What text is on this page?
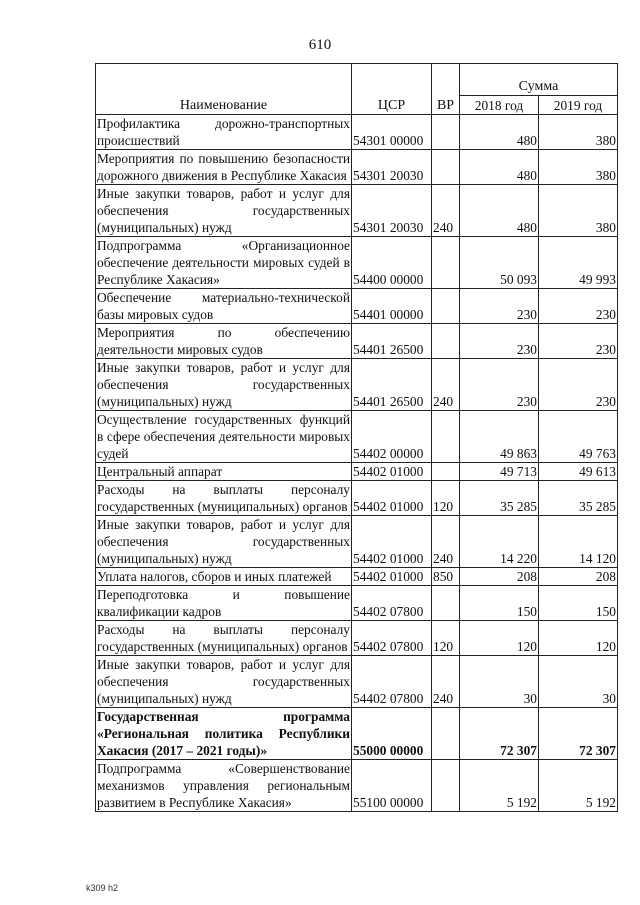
610
Наименование	ЦСР	ВР	Сумма	
			2018 год	2019 год
Профилактика дорожно-транспортных происшествий	54301 00000		480	380
Мероприятия по повышению безопасности дорожного движения в Республике Хакасия	54301 20030		480	380
Иные закупки товаров, работ и услуг для обеспечения государственных (муниципальных) нужд	54301 20030	240	480	380
Подпрограмма «Организационное обеспечение деятельности мировых судей в Республике Хакасия»	54400 00000		50 093	49 993
Обеспечение материально-технической базы мировых судов	54401 00000		230	230
Мероприятия по обеспечению деятельности мировых судов	54401 26500		230	230
Иные закупки товаров, работ и услуг для обеспечения государственных (муниципальных) нужд	54401 26500	240	230	230
Осуществление государственных функций в сфере обеспечения деятельности мировых судей	54402 00000		49 863	49 763
Центральный аппарат	54402 01000		49 713	49 613
Расходы на выплаты персоналу государственных (муниципальных) органов	54402 01000	120	35 285	35 285
Иные закупки товаров, работ и услуг для обеспечения государственных (муниципальных) нужд	54402 01000	240	14 220	14 120
Уплата налогов, сборов и иных платежей	54402 01000	850	208	208
Переподготовка и повышение квалификации кадров	54402 07800		150	150
Расходы на выплаты персоналу государственных (муниципальных) органов	54402 07800	120	120	120
Иные закупки товаров, работ и услуг для обеспечения государственных (муниципальных) нужд	54402 07800	240	30	30
Государственная программа «Региональная политика Республики Хакасия (2017 – 2021 годы)»	55000 00000		72 307	72 307
Подпрограмма «Совершенствование механизмов управления региональным развитием в Республике Хакасия»	55100 00000		5 192	5 192
k309 h2
